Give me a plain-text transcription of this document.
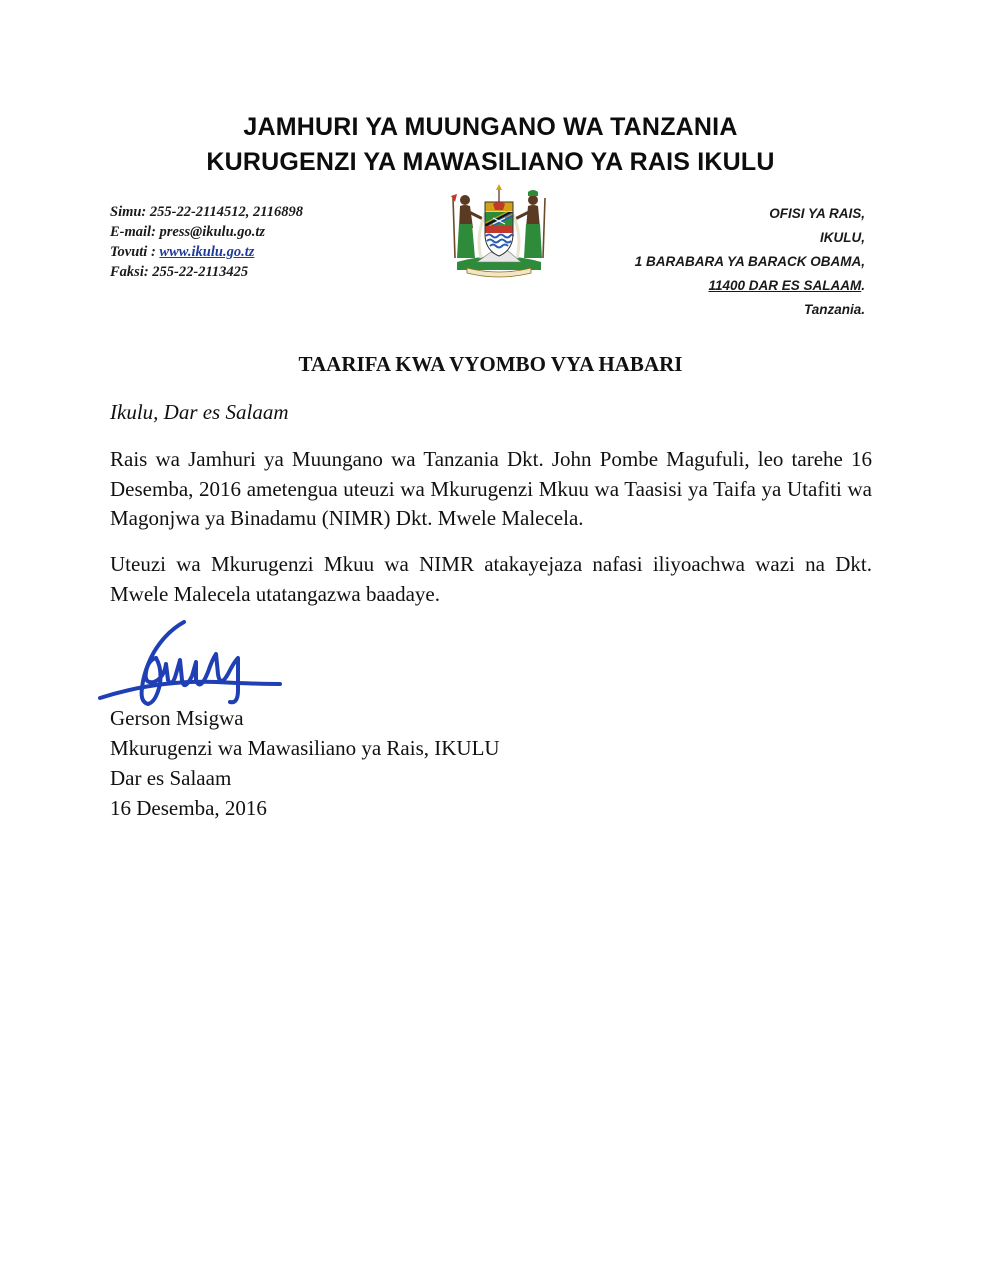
JAMHURI YA MUUNGANO WA TANZANIA
KURUGENZI YA MAWASILIANO YA RAIS IKULU
Simu: 255-22-2114512, 2116898
E-mail: press@ikulu.go.tz
Tovuti : www.ikulu.go.tz
Faksi: 255-22-2113425
OFISI YA RAIS,
IKULU,
1 BARABARA YA BARACK OBAMA,
11400 DAR ES SALAAM.
Tanzania.
TAARIFA KWA VYOMBO VYA HABARI
Ikulu, Dar es Salaam
Rais wa Jamhuri ya Muungano wa Tanzania Dkt. John Pombe Magufuli, leo tarehe 16 Desemba, 2016 ametengua uteuzi wa Mkurugenzi Mkuu wa Taasisi ya Taifa ya Utafiti wa Magonjwa ya Binadamu (NIMR) Dkt. Mwele Malecela.
Uteuzi wa Mkurugenzi Mkuu wa NIMR atakayejaza nafasi iliyoachwa wazi na Dkt. Mwele Malecela utatangazwa baadaye.
Gerson Msigwa
Mkurugenzi wa Mawasiliano ya Rais, IKULU
Dar es Salaam
16 Desemba, 2016
